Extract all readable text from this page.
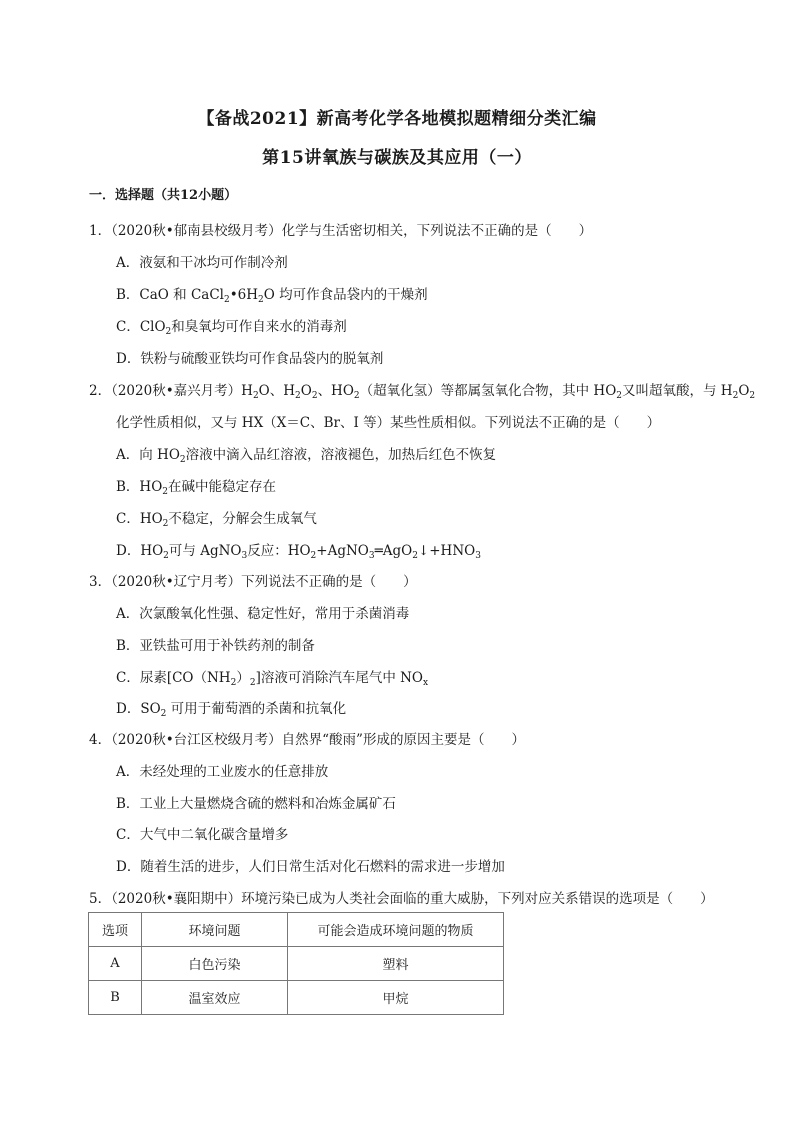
【备战2021】新高考化学各地模拟题精细分类汇编
第15讲氧族与碳族及其应用（一）
一．选择题（共12小题）
1．（2020秋•郁南县校级月考）化学与生活密切相关，下列说法不正确的是（　　）
A．液氨和干冰均可作制冷剂
B．CaO 和 $CaCl_2•6H_2O$ 均可作食品袋内的干燥剂
C．ClO$_2$和臭氧均可作自来水的消毒剂
D．铁粉与硫酸亚铁均可作食品袋内的脱氧剂
2．（2020秋•嘉兴月考）$H_2O$、$H_2O_2$、$HO_2$（超氧化氢）等都属氢氧化合物，其中 $HO_2$又叫超氧酸，与 $H_2O_2$
化学性质相似，又与 HX（X＝C、Br、I 等）某些性质相似。下列说法不正确的是（　　）
A．向 $HO_2$溶液中滴入品红溶液，溶液褪色，加热后红色不恢复
B．$HO_2$在碱中能稳定存在
C．$HO_2$不稳定，分解会生成氧气
D．$HO_2$可与 AgNO$_3$反应：$HO_2+AgNO_3═AgO_2↓+HNO_3$
3．（2020秋•辽宁月考）下列说法不正确的是（　　）
A．次氯酸氧化性强、稳定性好，常用于杀菌消毒
B．亚铁盐可用于补铁药剂的制备
C．尿素$[CO(NH_2)_2]$溶液可消除汽车尾气中 $NO_x$
D．$SO_2$ 可用于葡萄酒的杀菌和抗氧化
4．（2020秋•台江区校级月考）自然界“酸雨”形成的原因主要是（　　）
A．未经处理的工业废水的任意排放
B．工业上大量燃烧含硫的燃料和冶炼金属矿石
C．大气中二氧化碳含量增多
D．随着生活的进步，人们日常生活对化石燃料的需求进一步增加
5．（2020秋•襄阳期中）环境污染已成为人类社会面临的重大威胁，下列对应关系错误的选项是（　　）
选项	环境问题	可能会造成环境问题的物质
A	白色污染	塑料
B	温室效应	甲烷
